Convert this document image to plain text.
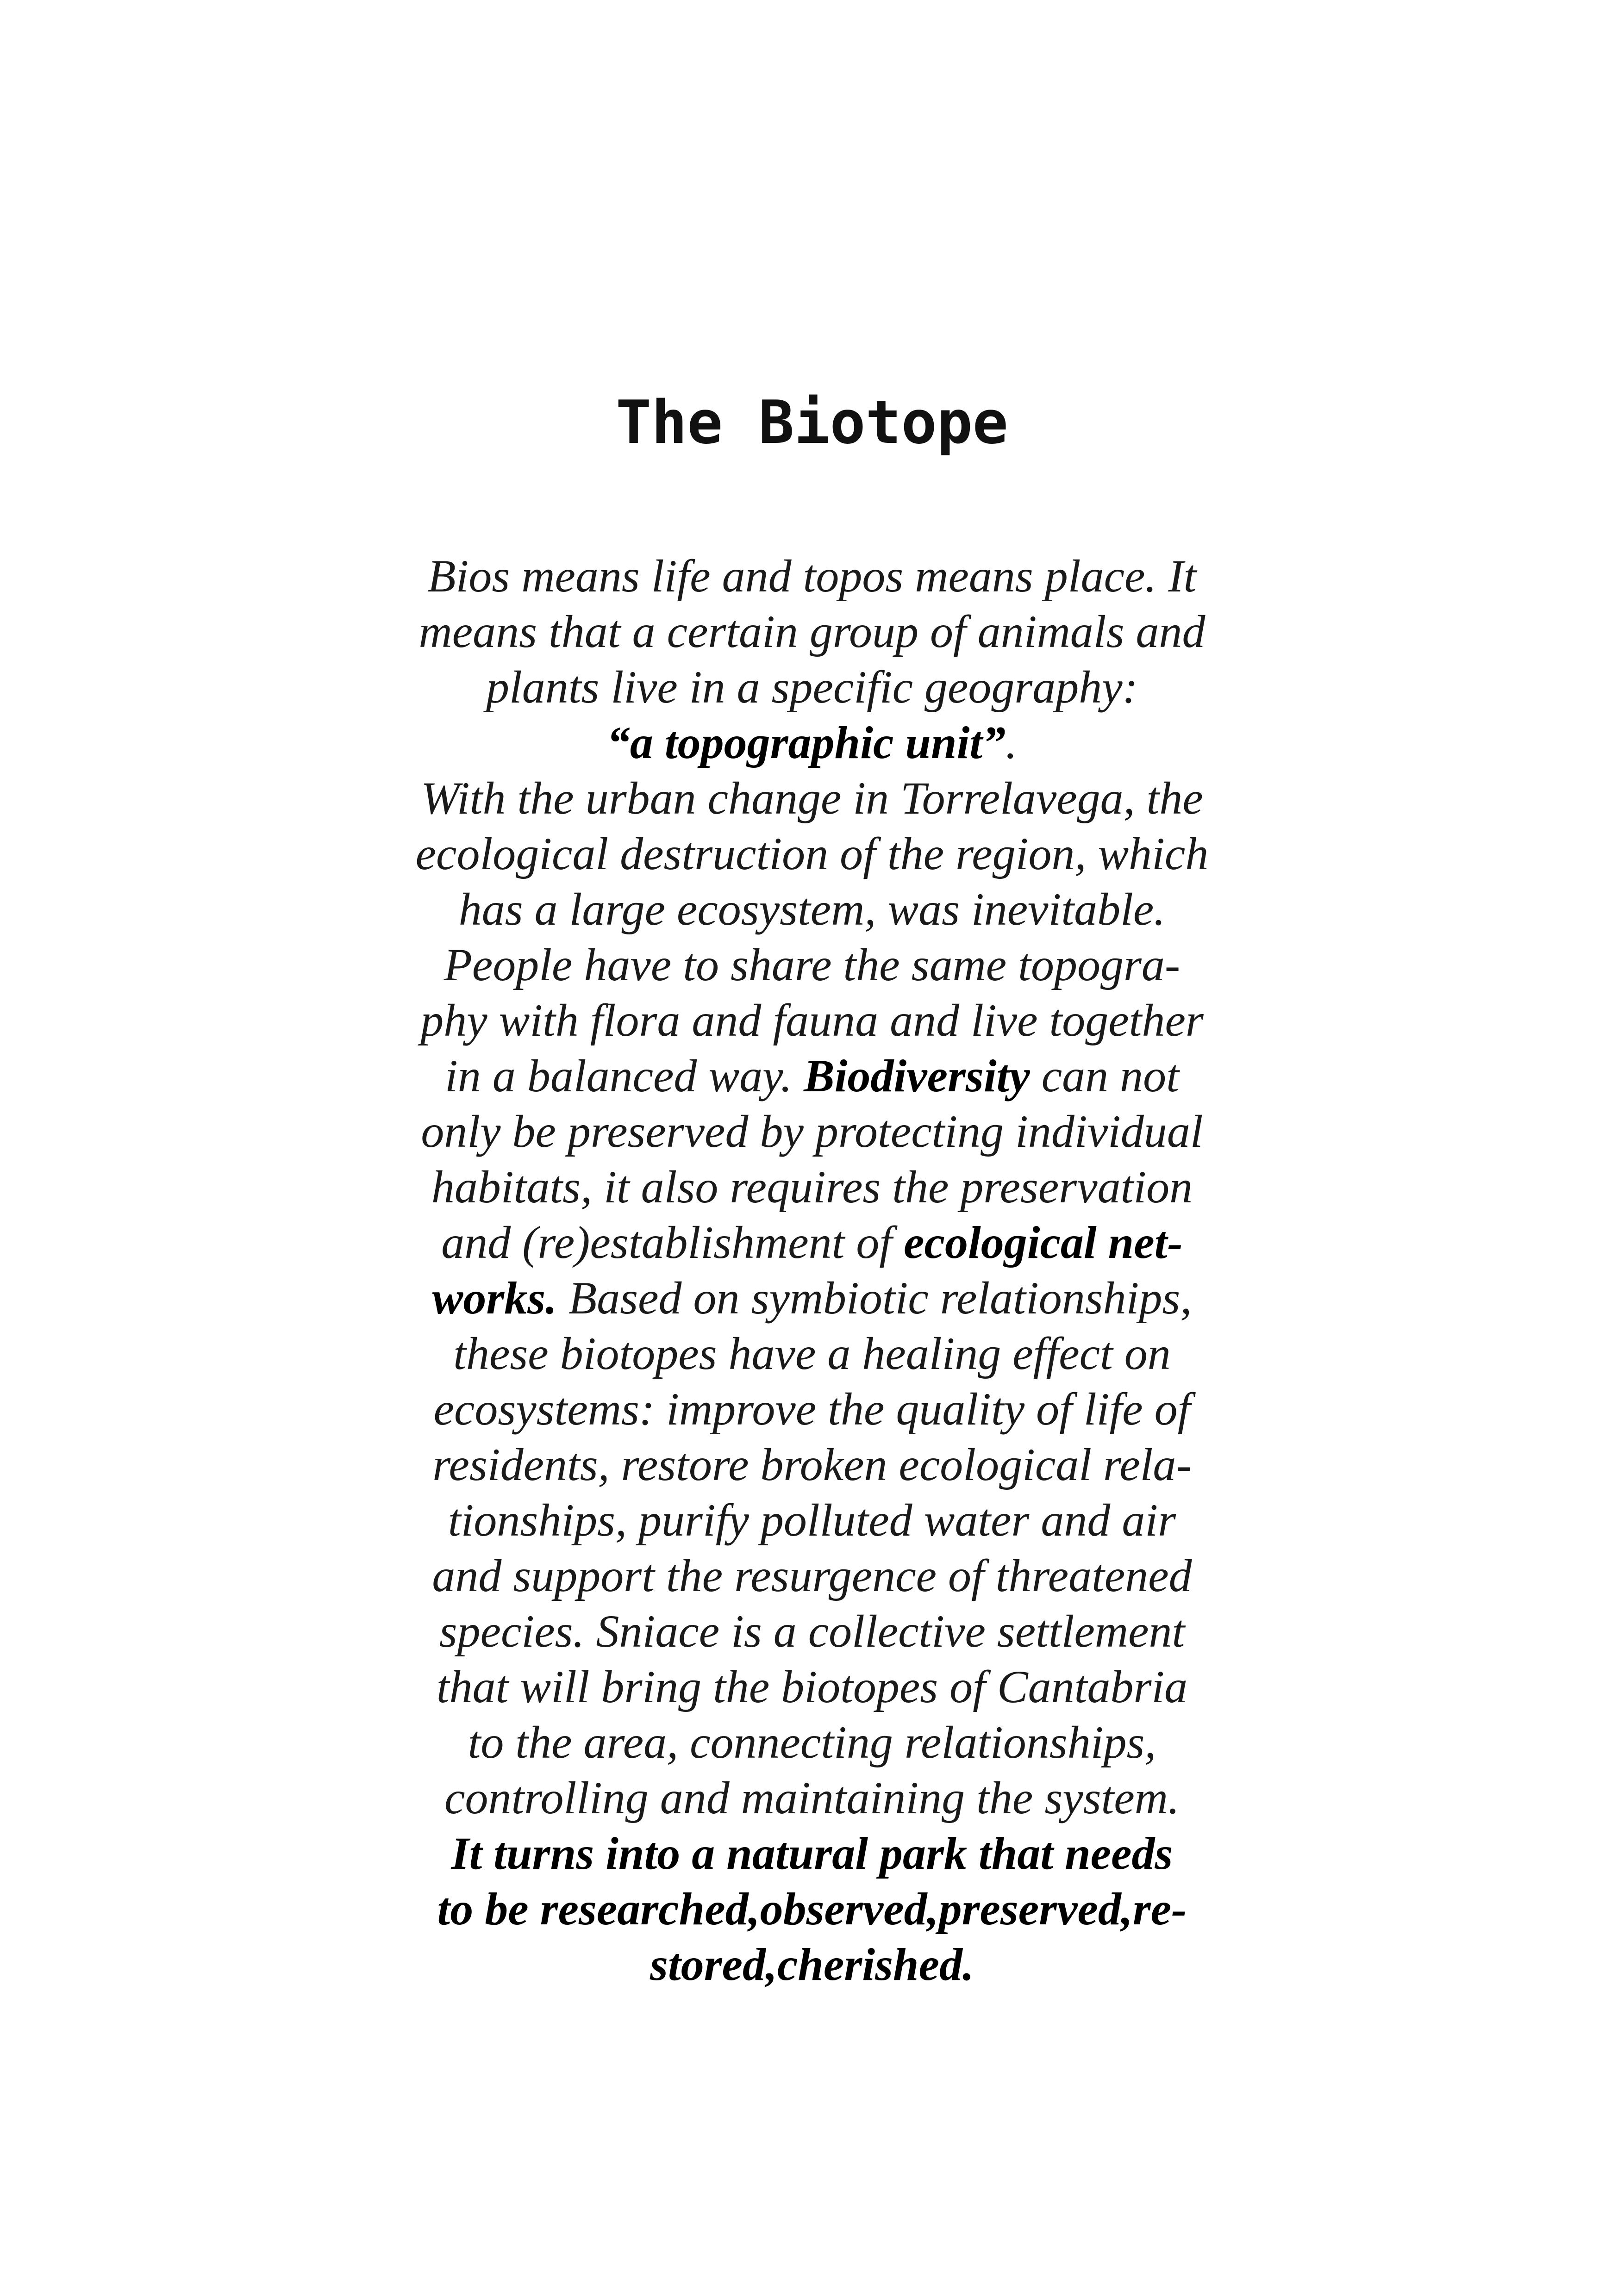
The Biotope
Bios means life and topos means place. It
means that a certain group of animals and
plants live in a specific geography:
“a topographic unit”.
With the urban change in Torrelavega, the
ecological destruction of the region, which
has a large ecosystem, was inevitable.
People have to share the same topogra-
phy with flora and fauna and live together
in a balanced way. Biodiversity can not
only be preserved by protecting individual
habitats, it also requires the preservation
and (re)establishment of ecological net-
works. Based on symbiotic relationships,
these biotopes have a healing effect on
ecosystems: improve the quality of life of
residents, restore broken ecological rela-
tionships, purify polluted water and air
and support the resurgence of threatened
species. Sniace is a collective settlement
that will bring the biotopes of Cantabria
to the area, connecting relationships,
controlling and maintaining the system.
It turns into a natural park that needs
to be researched,observed,preserved,re-
stored,cherished.
